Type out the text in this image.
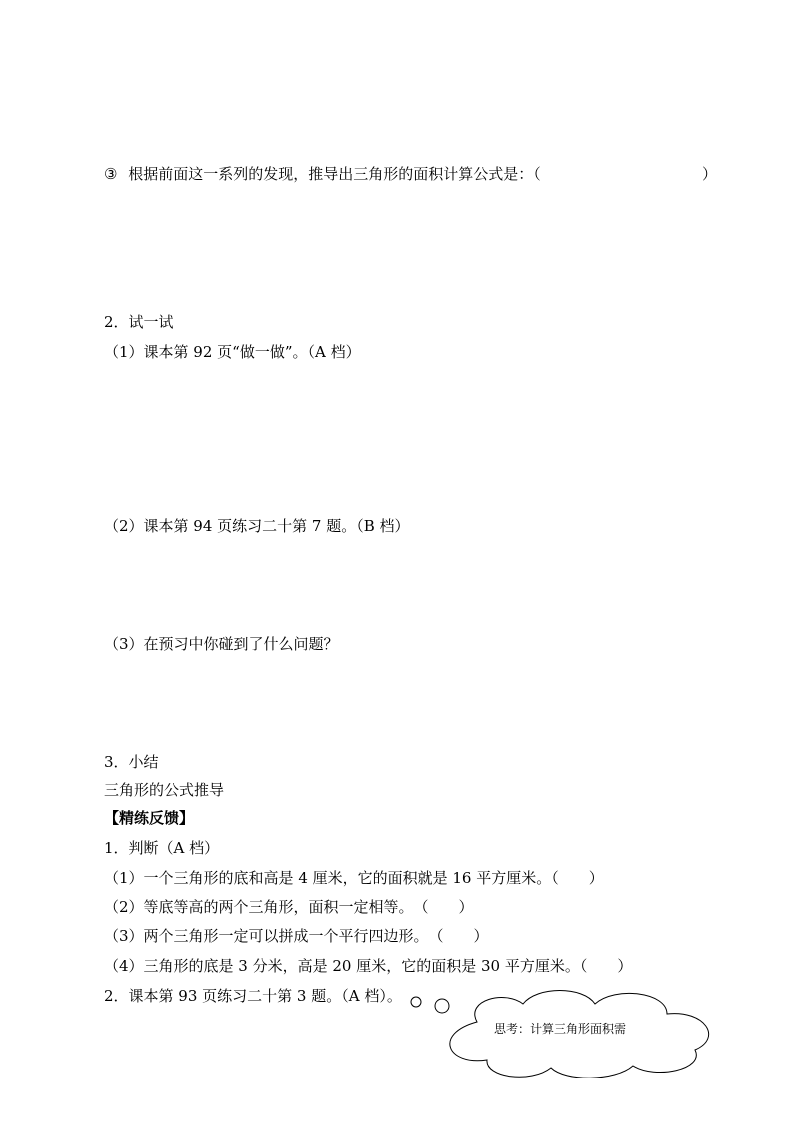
③ 根据前面这一系列的发现，推导出三角形的面积计算公式是：（	）
2．试一试
（1）课本第 92 页“做一做”。（A 档）
（2）课本第 94 页练习二十第 7 题。（B 档）
（3）在预习中你碰到了什么问题？
3．小结
三角形的公式推导
【精练反馈】
1．判断（A 档）
（1）一个三角形的底和高是 4 厘米，它的面积就是 16 平方厘米。（　　）
（2）等底等高的两个三角形，面积一定相等。　（　　）
（3）两个三角形一定可以拼成一个平行四边形。　（　　）
（4）三角形的底是 3 分米，高是 20 厘米，它的面积是 30 平方厘米。（　　）
2．课本第 93 页练习二十第 3 题。（A 档）。
思考：计算三角形面积需
